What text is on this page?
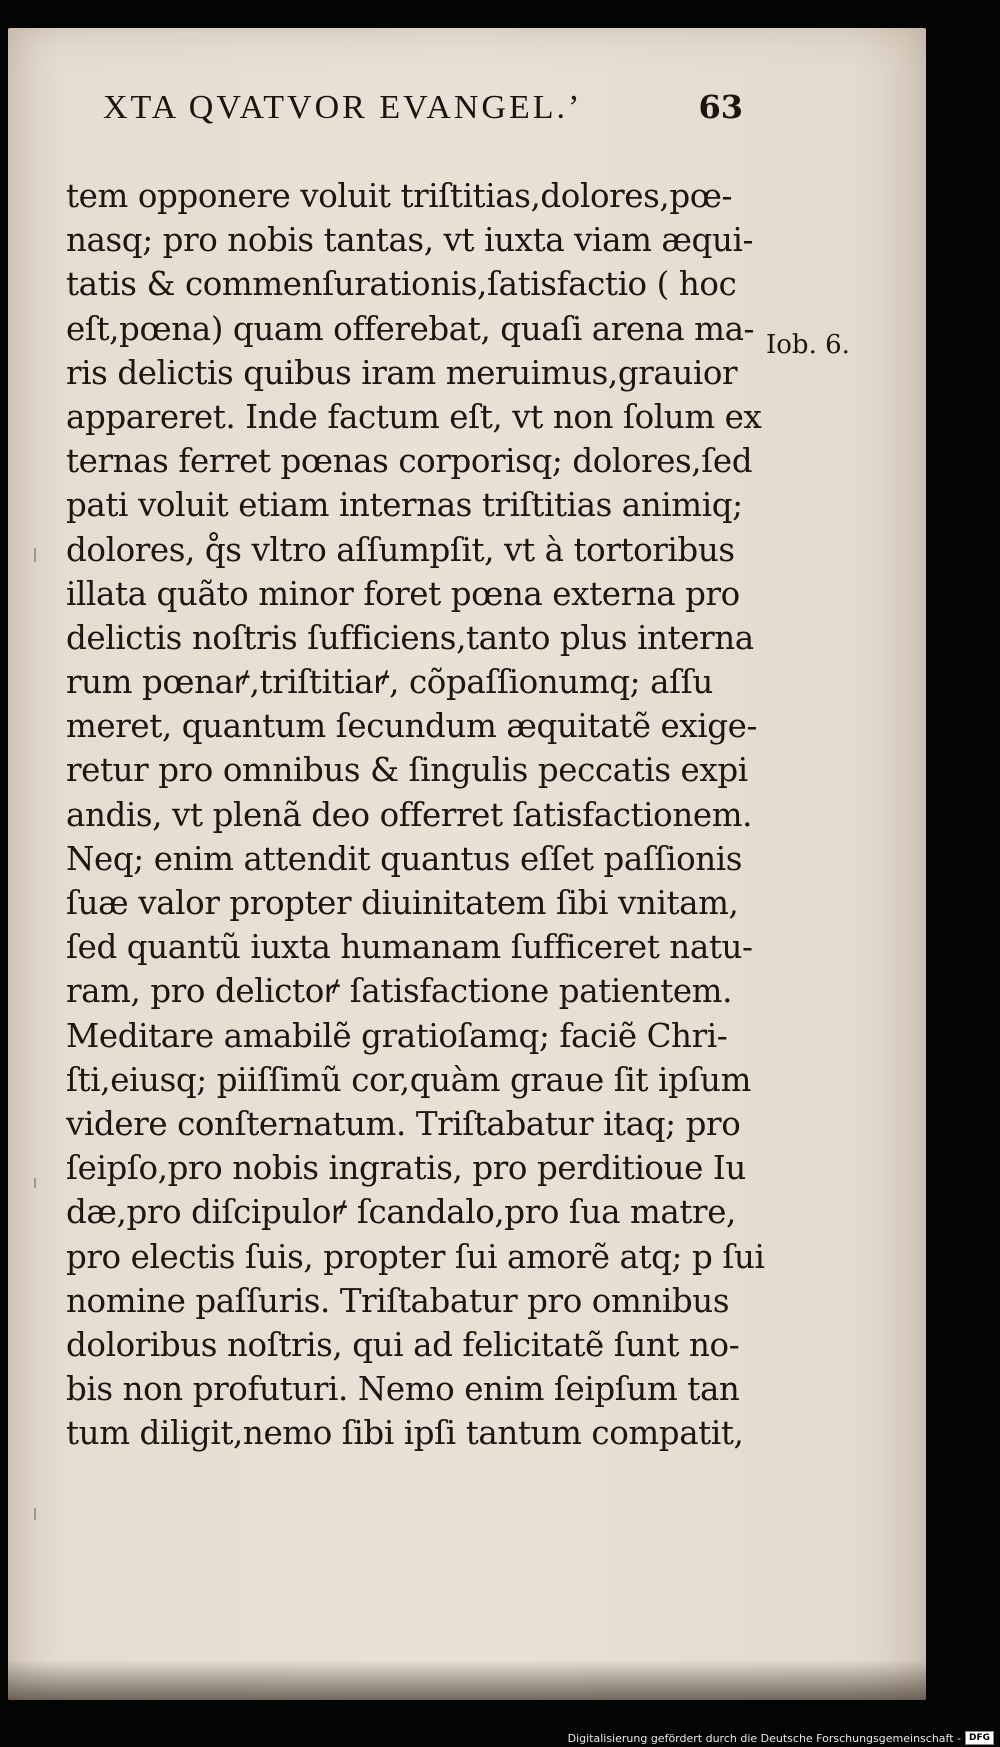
XTA QVATVOR EVANGEL.’	63
tem opponere voluit triſtitias,dolores,pœ-
nasq; pro nobis tantas, vt iuxta viam æqui-
tatis & commenſurationis,ſatisfactio ( hoc
eſt,pœna) quam offerebat, quaſi arena ma-
ris delictis quibus iram meruimus,grauior
appareret. Inde factum eſt, vt non ſolum ex
ternas ferret pœnas corporisq; dolores,ſed
pati voluit etiam internas triſtitias animiq;
dolores, q̊s vltro aſſumpſit, vt à tortoribus
illata quãto minor foret pœna externa pro
delictis noſtris ſufficiens,tanto plus interna
rum pœnaꝵ,triſtitiaꝵ, cõpaſſionumq; aſſu
meret, quantum ſecundum æquitatẽ exige-
retur pro omnibus & ſingulis peccatis expi
andis, vt plenã deo offerret ſatisfactionem.
Neq; enim attendit quantus eſſet paſſionis
ſuæ valor propter diuinitatem ſibi vnitam,
ſed quantũ iuxta humanam ſufficeret natu-
ram, pro delictoꝵ ſatisfactione patientem.
Meditare amabilẽ gratioſamq; faciẽ Chri-
ſti,eiusq; piiſſimũ cor,quàm graue ſit ipſum
videre conſternatum. Triſtabatur itaq; pro
ſeipſo,pro nobis ingratis, pro perditioue Iu
dæ,pro diſcipuloꝵ ſcandalo,pro ſua matre,
pro electis ſuis, propter ſui amorẽ atq; p ſui
nomine paſſuris. Triſtabatur pro omnibus
doloribus noſtris, qui ad felicitatẽ ſunt no-
bis non profuturi. Nemo enim ſeipſum tan
tum diligit,nemo ſibi ipſi tantum compatit,
Iob. 6.
Digitalisierung gefördert durch die Deutsche Forschungsgemeinschaft - DFG
